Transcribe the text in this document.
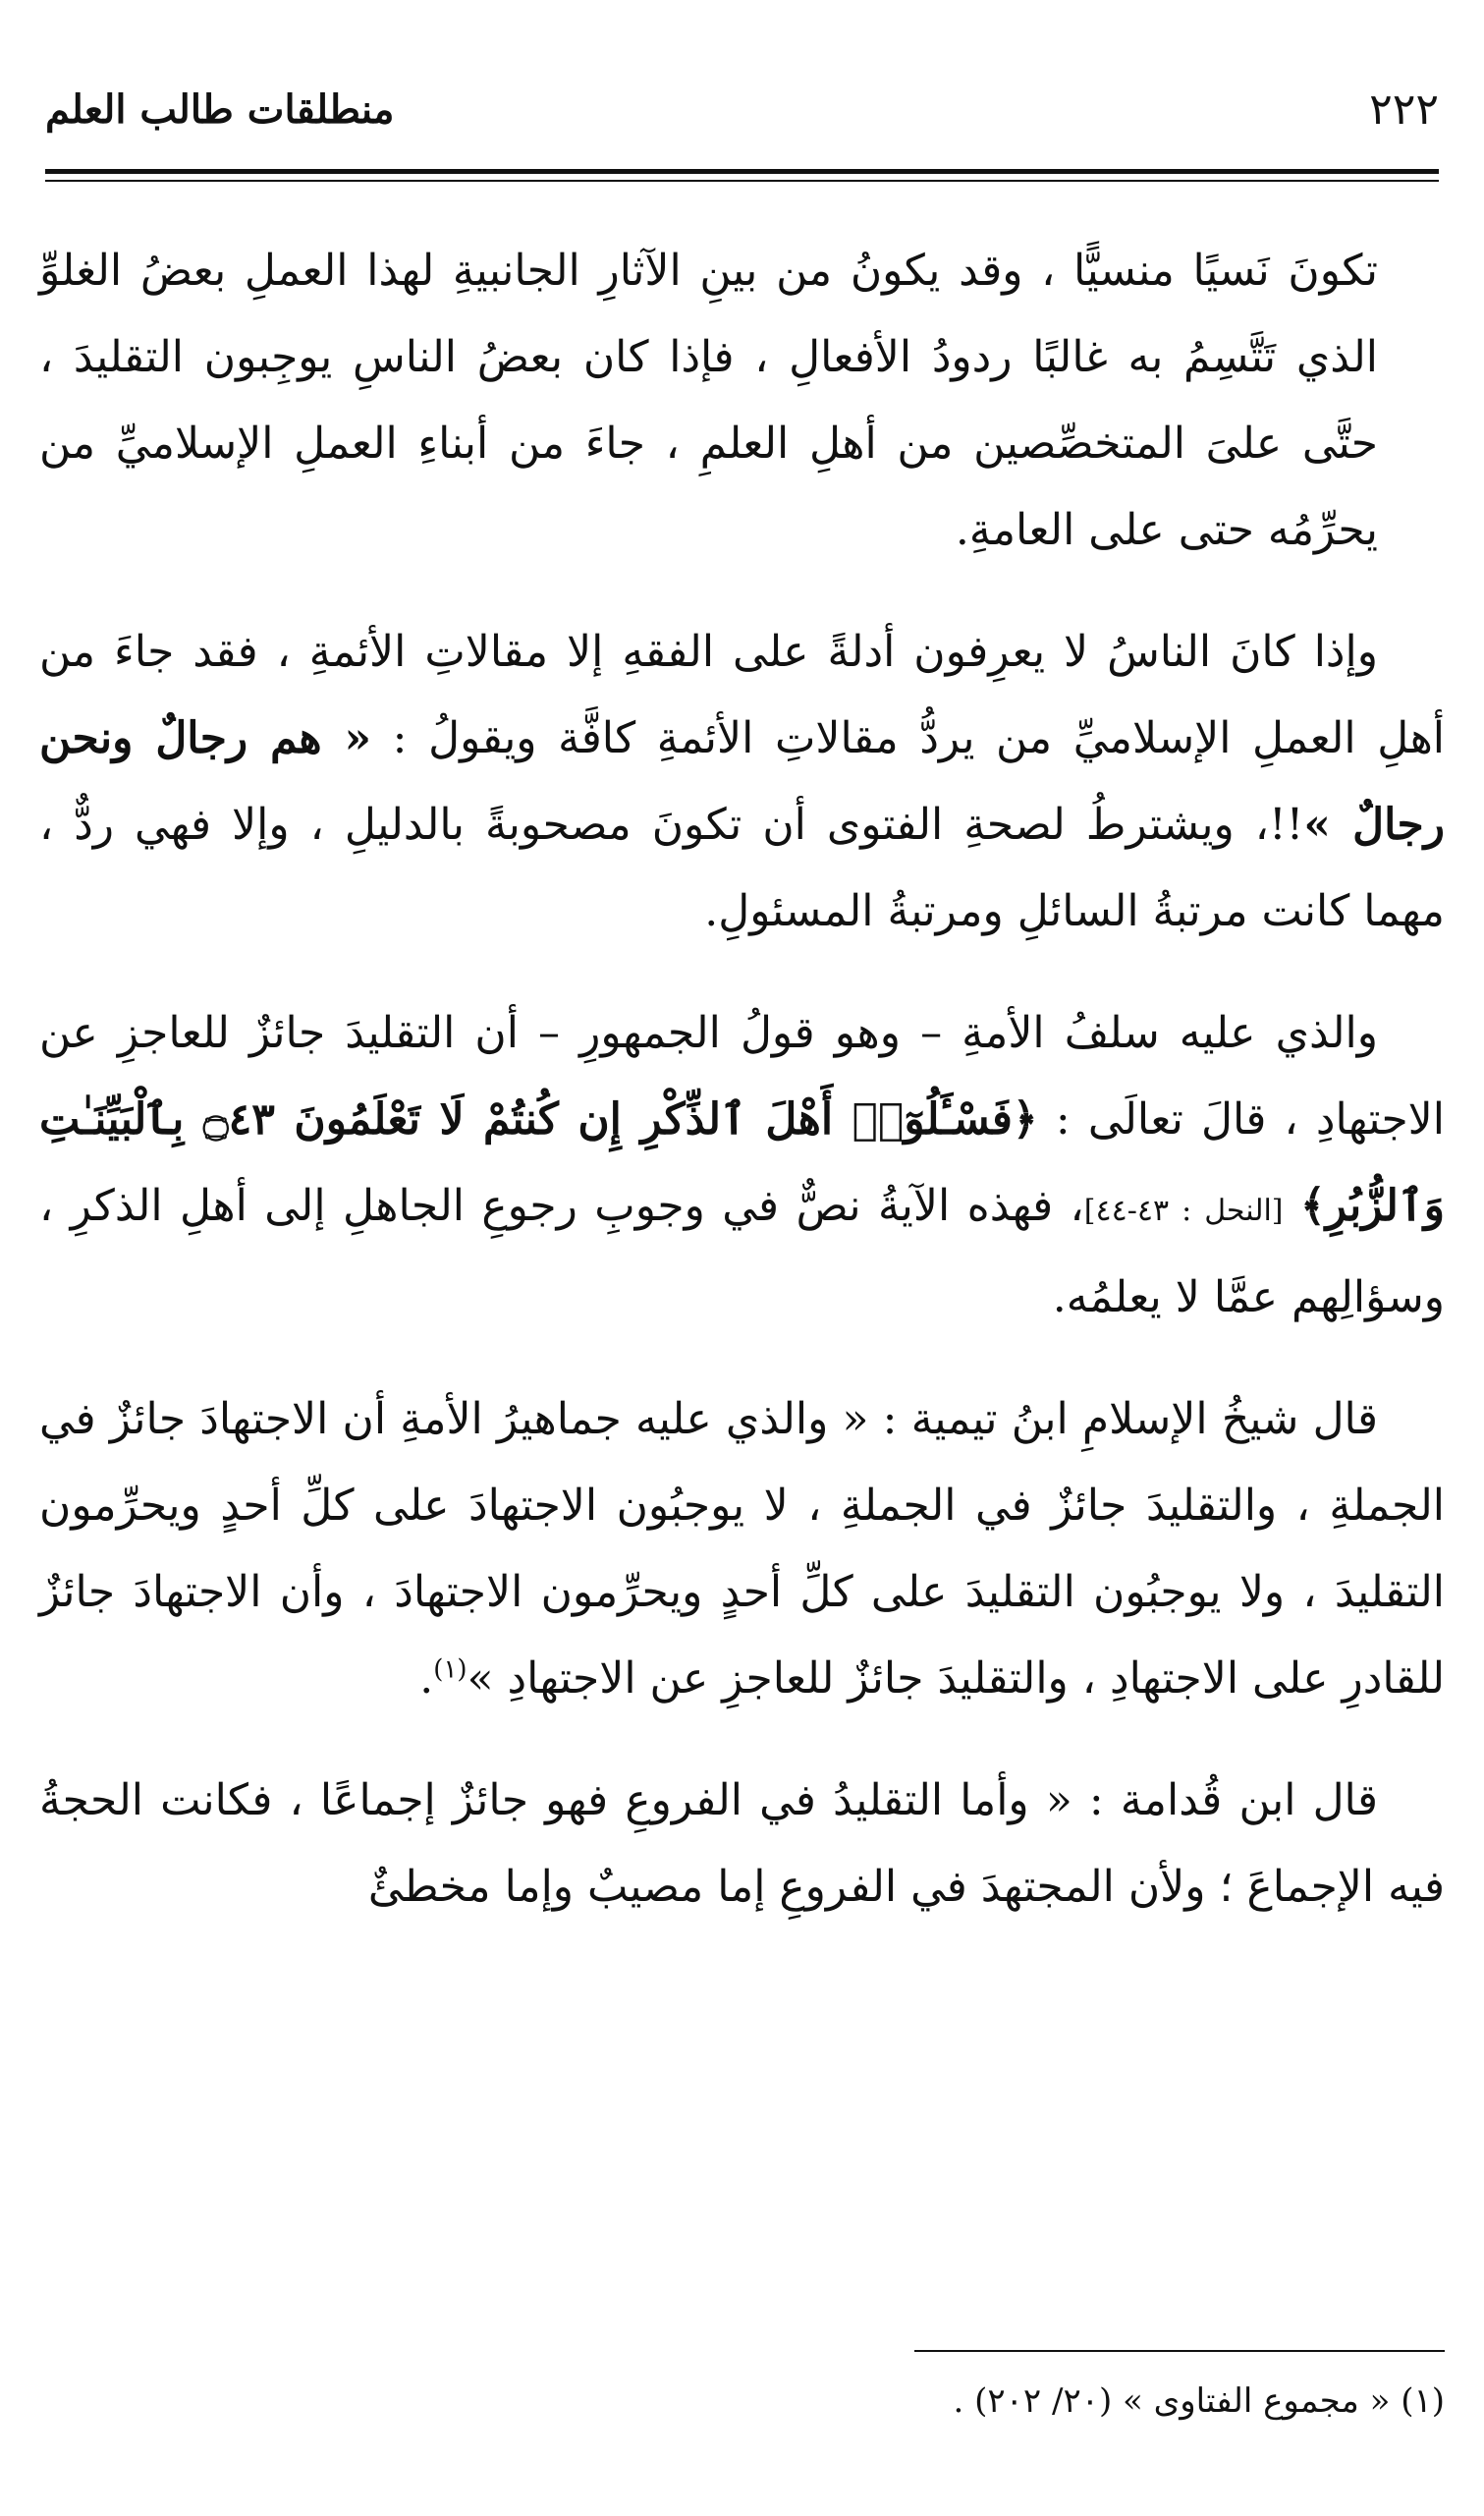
منطلقات طالب العلم	٢٢٢

تكونَ نَسيًا منسيًّا ، وقد يكونُ من بينِ الآثارِ الجانبيةِ لهذا العملِ بعضُ الغلوِّ الذي تَتَّسِمُ به غالبًا ردودُ الأفعالِ ، فإذا كان بعضُ الناسِ يوجِبون التقليدَ ، حتَّى علىَ المتخصِّصين من أهلِ العلمِ ، جاءَ من أبناءِ العملِ الإسلاميِّ من يحرِّمُه حتى على العامةِ.

وإذا كانَ الناسُ لا يعرِفون أدلةً على الفقهِ إلا مقالاتِ الأئمةِ ، فقد جاءَ من أهلِ العملِ الإسلاميِّ من يردُّ مقالاتِ الأئمةِ كافَّة ويقولُ : « هم رجالٌ ونحن رجالٌ »!!، ويشترطُ لصحةِ الفتوى أن تكونَ مصحوبةً بالدليلِ ، وإلا فهي ردٌّ ، مهما كانت مرتبةُ السائلِ ومرتبةُ المسئولِ.

والذي عليه سلفُ الأمةِ – وهو قولُ الجمهورِ – أن التقليدَ جائزٌ للعاجزِ عن الاجتهادِ ، قالَ تعالَى : ﴿فَسْـَٔلُوٓا۟ أَهْلَ ٱلذِّكْرِ إِن كُنتُمْ لَا تَعْلَمُونَ ۝٤٣ بِٱلْبَيِّنَـٰتِ وَٱلزُّبُرِ﴾ [النحل : ٤٣-٤٤]، فهذه الآيةُ نصٌّ في وجوبِ رجوعِ الجاهلِ إلى أهلِ الذكرِ ، وسؤالِهم عمَّا لا يعلمُه.

قال شيخُ الإسلامِ ابنُ تيمية : « والذي عليه جماهيرُ الأمةِ أن الاجتهادَ جائزٌ في الجملةِ ، والتقليدَ جائزٌ في الجملةِ ، لا يوجبُون الاجتهادَ على كلِّ أحدٍ ويحرِّمون التقليدَ ، ولا يوجبُون التقليدَ على كلِّ أحدٍ ويحرِّمون الاجتهادَ ، وأن الاجتهادَ جائزٌ للقادرِ على الاجتهادِ ، والتقليدَ جائزٌ للعاجزِ عن الاجتهادِ »$^{(١)}$.

قال ابن قُدامة : « وأما التقليدُ في الفروعِ فهو جائزٌ إجماعًا ، فكانت الحجةُ فيه الإجماعَ ؛ ولأن المجتهدَ في الفروعِ إما مصيبٌ وإما مخطئٌ

(١) « مجموع الفتاوى » (٢٠/ ٢٠٢) .
